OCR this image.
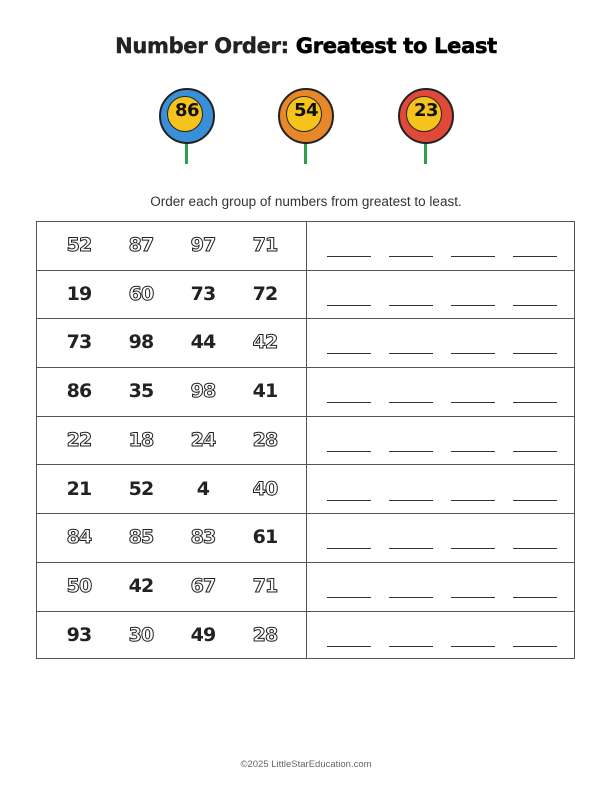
Number Order: Greatest to Least
86	54	23
Order each group of numbers from greatest to least.
52	87	97	71
19	60	73	72
73	98	44	42
86	35	98	41
22	18	24	28
21	52	4	40
84	85	83	61
50	42	67	71
93	30	49	28
©2025 LittleStarEducation.com
